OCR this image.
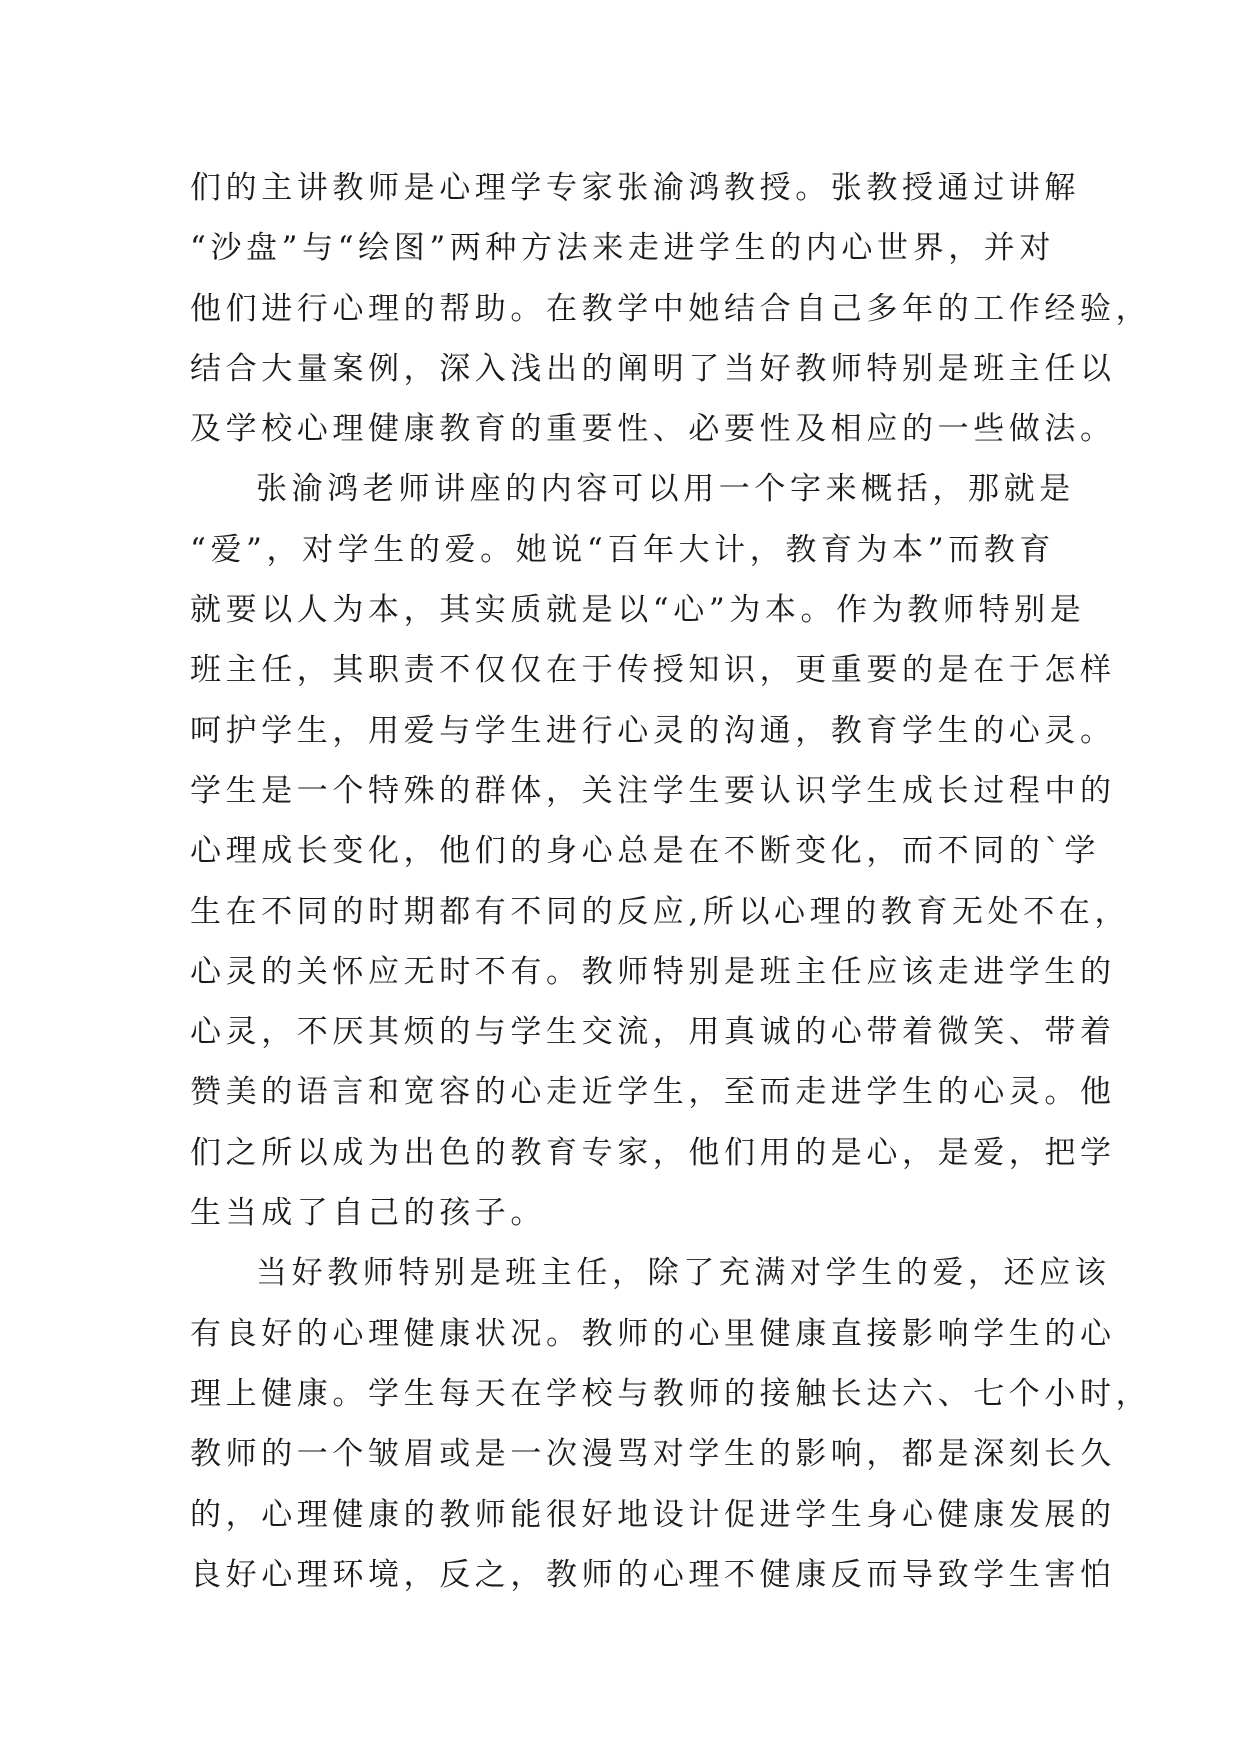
们的主讲教师是心理学专家张渝鸿教授。张教授通过讲解
“沙盘”与“绘图”两种方法来走进学生的内心世界，并对
他们进行心理的帮助。在教学中她结合自己多年的工作经验，
结合大量案例，深入浅出的阐明了当好教师特别是班主任以
及学校心理健康教育的重要性、必要性及相应的一些做法。
张渝鸿老师讲座的内容可以用一个字来概括，那就是
“爱”，对学生的爱。她说“百年大计，教育为本”而教育
就要以人为本，其实质就是以“心”为本。作为教师特别是
班主任，其职责不仅仅在于传授知识，更重要的是在于怎样
呵护学生，用爱与学生进行心灵的沟通，教育学生的心灵。
学生是一个特殊的群体，关注学生要认识学生成长过程中的
心理成长变化，他们的身心总是在不断变化，而不同的`学
生在不同的时期都有不同的反应,所以心理的教育无处不在，
心灵的关怀应无时不有。教师特别是班主任应该走进学生的
心灵，不厌其烦的与学生交流，用真诚的心带着微笑、带着
赞美的语言和宽容的心走近学生，至而走进学生的心灵。他
们之所以成为出色的教育专家，他们用的是心，是爱，把学
生当成了自己的孩子。
当好教师特别是班主任，除了充满对学生的爱，还应该
有良好的心理健康状况。教师的心里健康直接影响学生的心
理上健康。学生每天在学校与教师的接触长达六、七个小时，
教师的一个皱眉或是一次漫骂对学生的影响，都是深刻长久
的，心理健康的教师能很好地设计促进学生身心健康发展的
良好心理环境，反之，教师的心理不健康反而导致学生害怕
